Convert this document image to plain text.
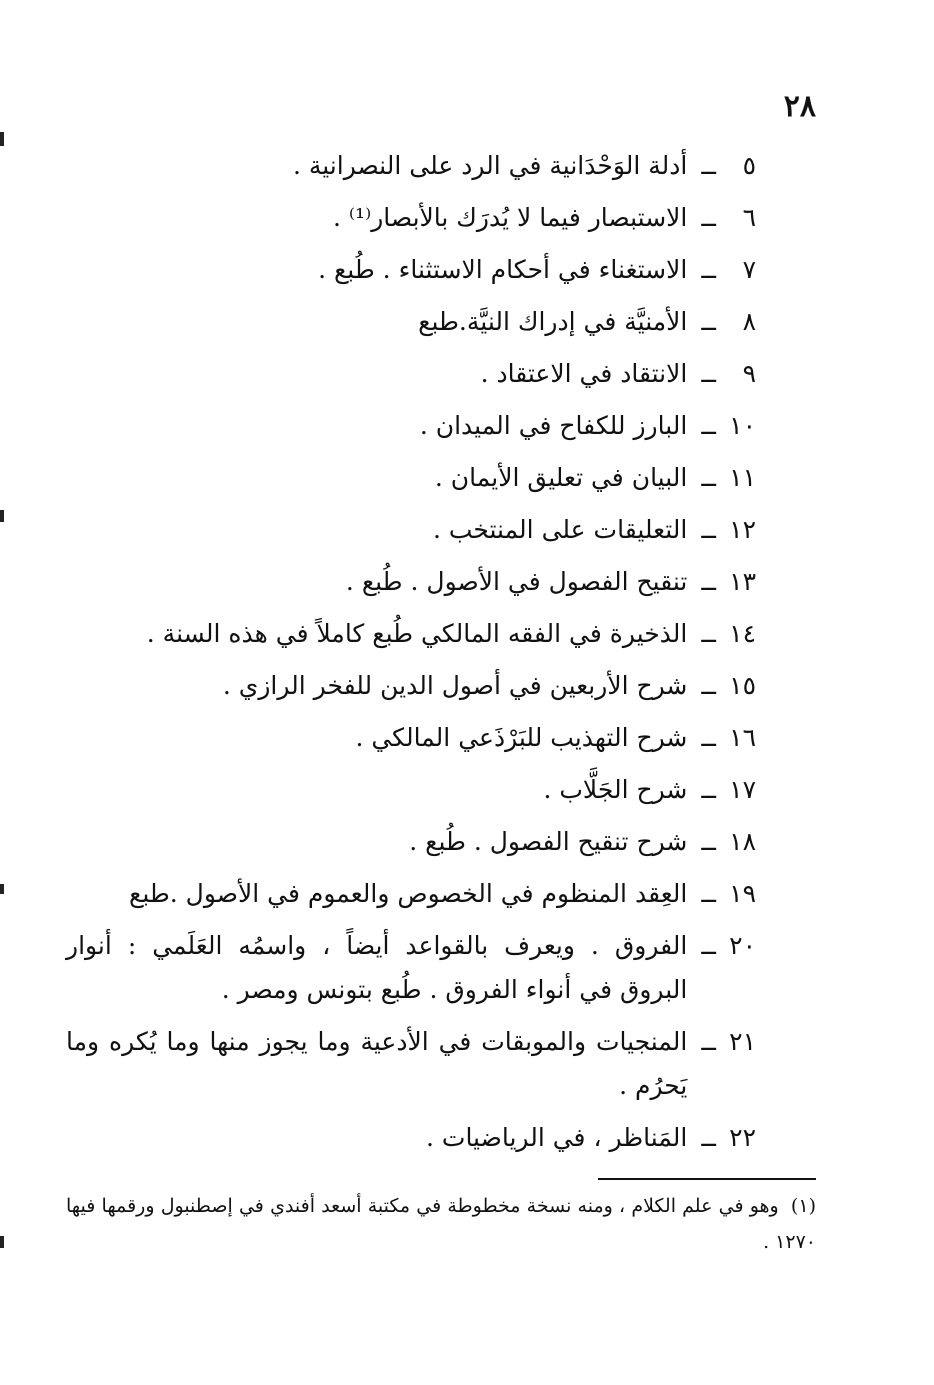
٢٨
٥
ــ
أدلة الوَحْدَانية في الرد على النصرانية .
٦
ــ
الاستبصار فيما لا يُدرَك بالأبصار⁽¹⁾ .
٧
ــ
الاستغناء في أحكام الاستثناء . طُبع .
٨
ــ
الأمنيَّة في إدراك النيَّة.طبع
٩
ــ
الانتقاد في الاعتقاد .
١٠
ــ
البارز للكفاح في الميدان .
١١
ــ
البيان في تعليق الأيمان .
١٢
ــ
التعليقات على المنتخب .
١٣
ــ
تنقيح الفصول في الأصول . طُبع .
١٤
ــ
الذخيرة في الفقه المالكي طُبع كاملاً في هذه السنة .
١٥
ــ
شرح الأربعين في أصول الدين للفخر الرازي .
١٦
ــ
شرح التهذيب للبَرْذَعي المالكي .
١٧
ــ
شرح الجَلَّاب .
١٨
ــ
شرح تنقيح الفصول . طُبع .
١٩
ــ
العِقد المنظوم في الخصوص والعموم في الأصول .طبع
٢٠
ــ
الفروق . ويعرف بالقواعد أيضاً ، واسمُه العَلَمي : أنوار البروق في أنواء الفروق . طُبع بتونس ومصر .
٢١
ــ
المنجيات والموبقات في الأدعية وما يجوز منها وما يُكره وما يَحرُم .
٢٢
ــ
المَناظر ، في الرياضيات .
(١) وهو في علم الكلام ، ومنه نسخة مخطوطة في مكتبة أسعد أفندي في إصطنبول ورقمها فيها ١٢٧٠ .
